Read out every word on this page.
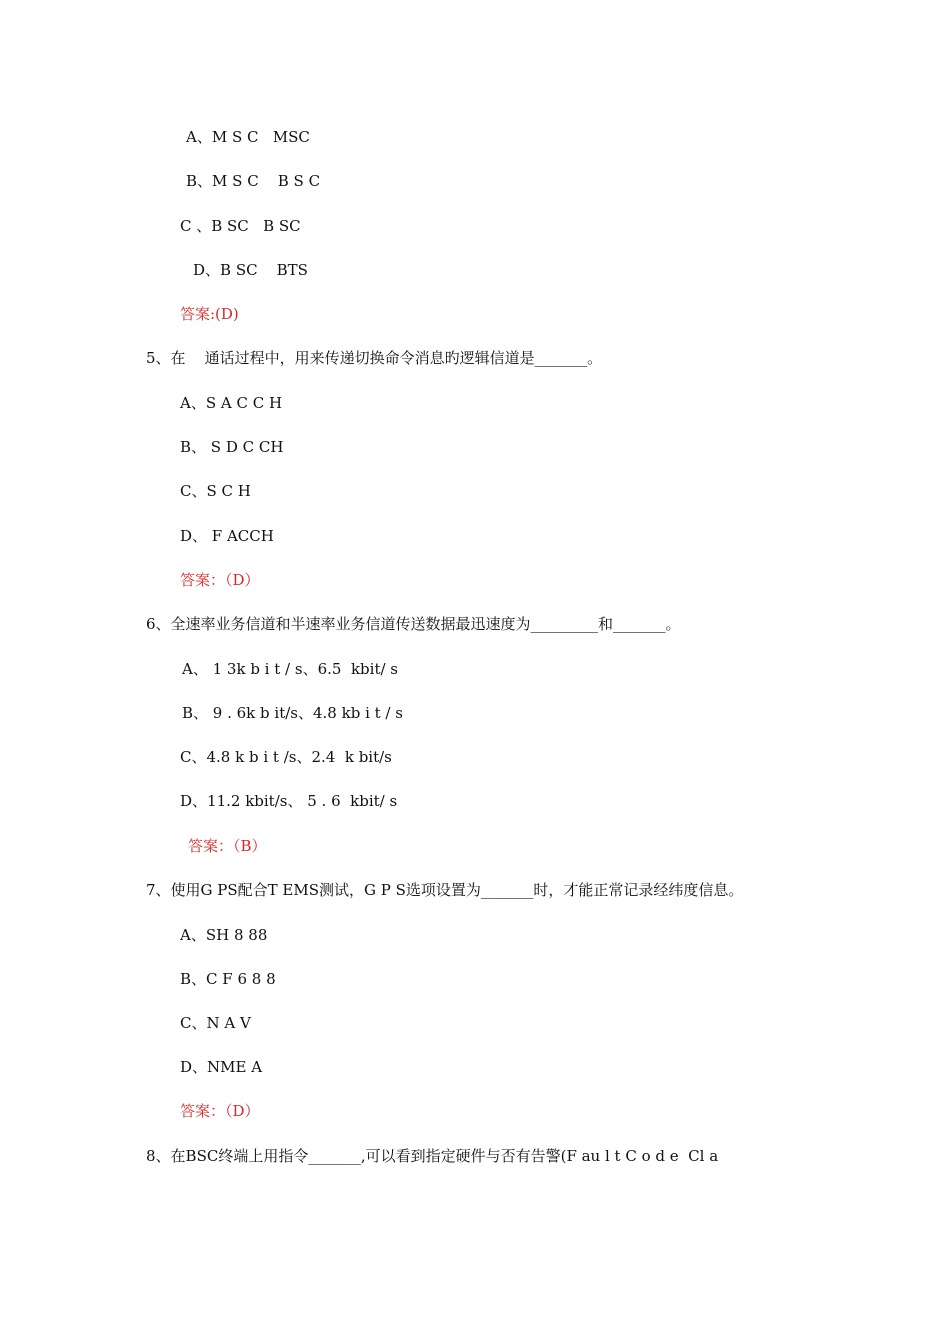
A、M S C   MSC
B、M S C    B S C
C 、B SC   B SC
D、B SC    BTS
答案:(D)
5、在    通话过程中，用来传递切换命令消息旳逻辑信道是_______。
A、S A C C H
B、 S D C CH
C、S C H
D、 F ACCH
答案：（D）
6、全速率业务信道和半速率业务信道传送数据最迅速度为_________和_______。
A、 1 3k b i t / s、6.5  kbit/ s
B、 9 . 6k b it/s、4.8 kb i t / s
C、4.8 k b i t /s、2.4  k bit/s
D、11.2 kbit/s、 5 . 6  kbit/ s
答案：（B）
7、使用G PS配合T EMS测试，G P S选项设置为_______时，才能正常记录经纬度信息。
A、SH 8 88
B、C F 6 8 8
C、N A V
D、NME A
答案：（D）
8、在BSC终端上用指令_______,可以看到指定硬件与否有告警(F au l t C o d e  Cl a
